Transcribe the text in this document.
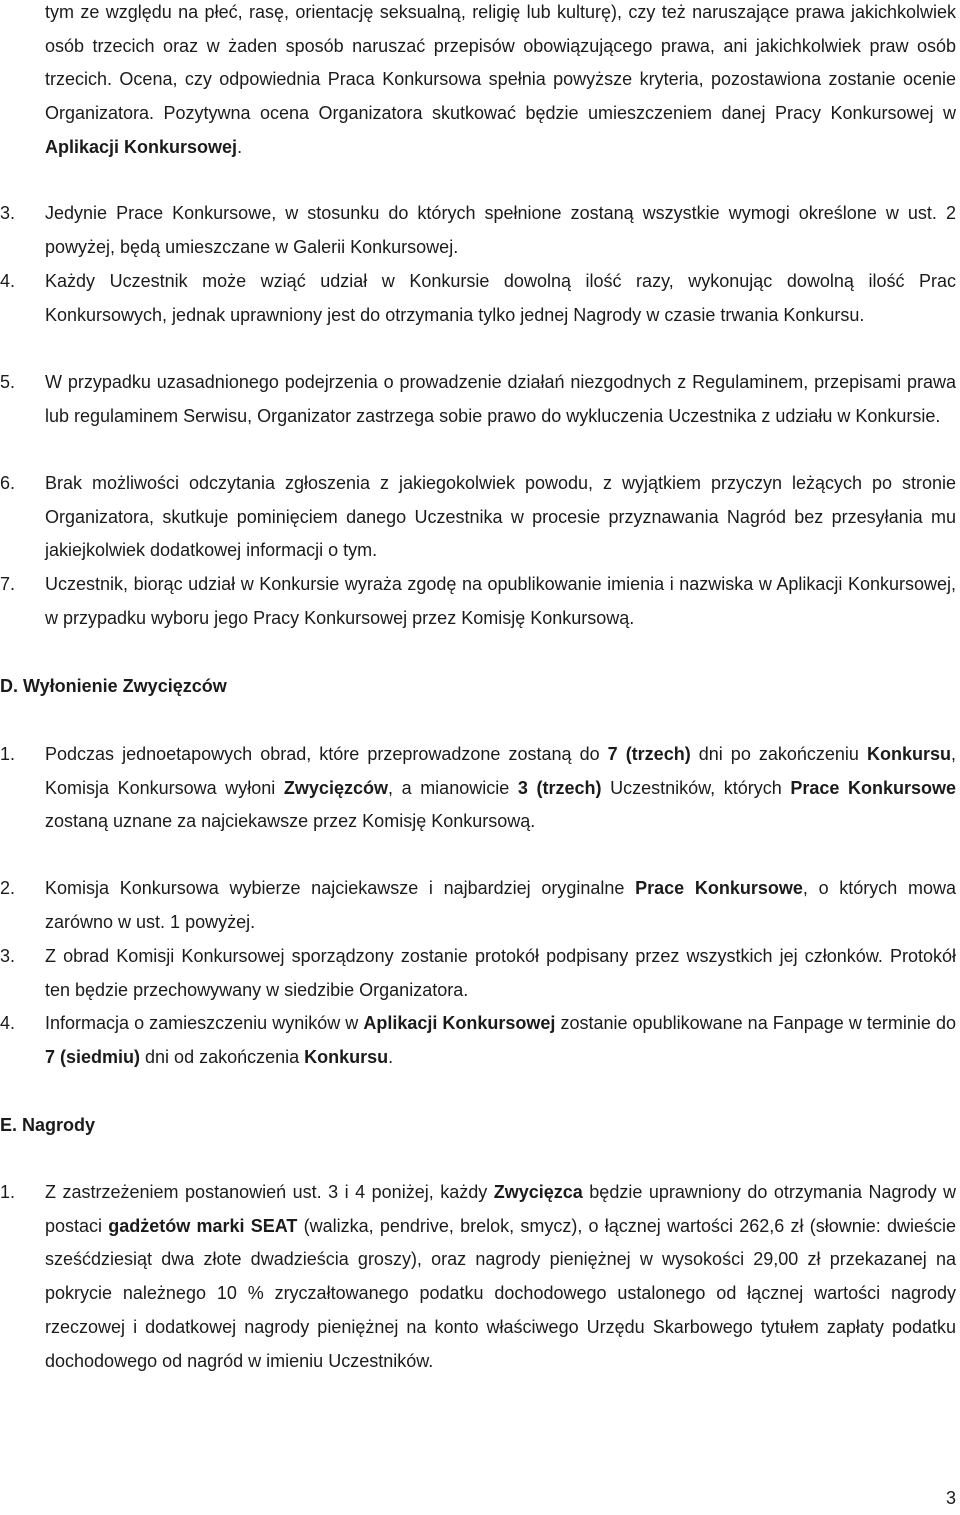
tym ze względu na płeć, rasę, orientację seksualną, religię lub kulturę), czy też naruszające prawa jakichkolwiek osób trzecich oraz w żaden sposób naruszać przepisów obowiązującego prawa, ani jakichkolwiek praw osób trzecich. Ocena, czy odpowiednia Praca Konkursowa spełnia powyższe kryteria, pozostawiona zostanie ocenie Organizatora. Pozytywna ocena Organizatora skutkować będzie umieszczeniem danej Pracy Konkursowej w Aplikacji Konkursowej.

3.	Jedynie Prace Konkursowe, w stosunku do których spełnione zostaną wszystkie wymogi określone w ust. 2 powyżej, będą umieszczane w Galerii Konkursowej.

4.	Każdy Uczestnik może wziąć udział w Konkursie dowolną ilość razy, wykonując dowolną ilość Prac Konkursowych, jednak uprawniony jest do otrzymania tylko jednej Nagrody w czasie trwania Konkursu.

5.	W przypadku uzasadnionego podejrzenia o prowadzenie działań niezgodnych z Regulaminem, przepisami prawa lub regulaminem Serwisu, Organizator zastrzega sobie prawo do wykluczenia Uczestnika z udziału w Konkursie.

6.	Brak możliwości odczytania zgłoszenia z jakiegokolwiek powodu, z wyjątkiem przyczyn leżących po stronie Organizatora, skutkuje pominięciem danego Uczestnika w procesie przyznawania Nagród bez przesyłania mu jakiejkolwiek dodatkowej informacji o tym.

7.	Uczestnik, biorąc udział w Konkursie wyraża zgodę na opublikowanie imienia i nazwiska w Aplikacji Konkursowej, w przypadku wyboru jego Pracy Konkursowej przez Komisję Konkursową.

D. Wyłonienie Zwycięzców

1.	Podczas jednoetapowych obrad, które przeprowadzone zostaną do 7 (trzech) dni po zakończeniu Konkursu, Komisja Konkursowa wyłoni Zwycięzców, a mianowicie 3 (trzech) Uczestników, których Prace Konkursowe zostaną uznane za najciekawsze przez Komisję Konkursową.

2.	Komisja Konkursowa wybierze najciekawsze i najbardziej oryginalne Prace Konkursowe, o których mowa zarówno w ust. 1 powyżej.

3.	Z obrad Komisji Konkursowej sporządzony zostanie protokół podpisany przez wszystkich jej członków. Protokół ten będzie przechowywany w siedzibie Organizatora.

4.	Informacja o zamieszczeniu wyników w Aplikacji Konkursowej zostanie opublikowane na Fanpage w terminie do 7 (siedmiu) dni od zakończenia Konkursu.

E. Nagrody

1.	Z zastrzeżeniem postanowień ust. 3 i 4 poniżej, każdy Zwycięzca będzie uprawniony do otrzymania Nagrody w postaci gadżetów marki SEAT (walizka, pendrive, brelok, smycz), o łącznej wartości 262,6 zł (słownie: dwieście sześćdziesiąt dwa złote dwadzieścia groszy), oraz nagrody pieniężnej w wysokości 29,00 zł przekazanej na pokrycie należnego 10 % zryczałtowanego podatku dochodowego ustalonego od łącznej wartości nagrody rzeczowej i dodatkowej nagrody pieniężnej na konto właściwego Urzędu Skarbowego tytułem zapłaty podatku dochodowego od nagród w imieniu Uczestników.

3
